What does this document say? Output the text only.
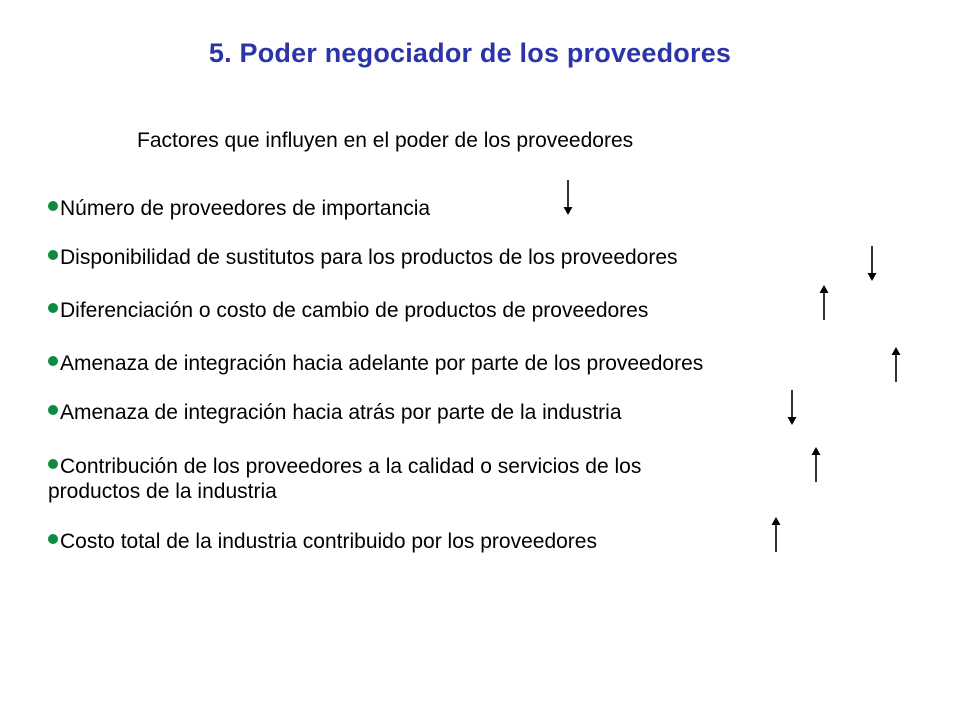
5. Poder negociador de los proveedores
Factores que influyen en el poder de los proveedores
Número de proveedores de importancia
Disponibilidad de sustitutos para los productos de los proveedores
Diferenciación o costo de cambio de productos de proveedores
Amenaza de integración hacia adelante por parte de los proveedores
Amenaza de integración hacia atrás por parte de la industria
Contribución de los proveedores a la calidad o servicios de los
productos de la industria
Costo total de la industria contribuido por los proveedores
